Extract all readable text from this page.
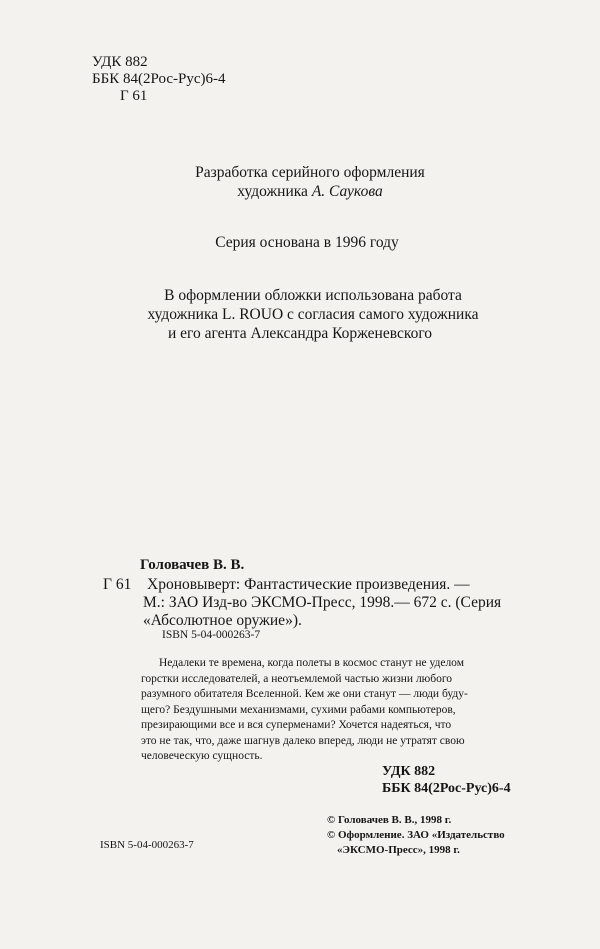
УДК 882
ББК 84(2Рос-Рус)6-4
Г 61
Разработка серийного оформления
художника А. Саукова
Серия основана в 1996 году
В оформлении обложки использована работа
художника L. ROUO с согласия самого художника
и его агента Александра Корженевского
Головачев В. В.
Г 61 Хроновыверт: Фантастические произведения. —
М.: ЗАО Изд-во ЭКСМО-Пресс, 1998.— 672 с. (Серия
«Абсолютное оружие»).
ISBN 5-04-000263-7
Недалеки те времена, когда полеты в космос станут не уделом
горстки исследователей, а неотъемлемой частью жизни любого
разумного обитателя Вселенной. Кем же они станут — люди буду-
щего? Бездушными механизмами, сухими рабами компьютеров,
презирающими все и вся суперменами? Хочется надеяться, что
это не так, что, даже шагнув далеко вперед, люди не утратят свою
человеческую сущность.
УДК 882
ББК 84(2Рос-Рус)6-4
© Головачев В. В., 1998 г.
© Оформление. ЗАО «Издательство
«ЭКСМО-Пресс», 1998 г.
ISBN 5-04-000263-7
